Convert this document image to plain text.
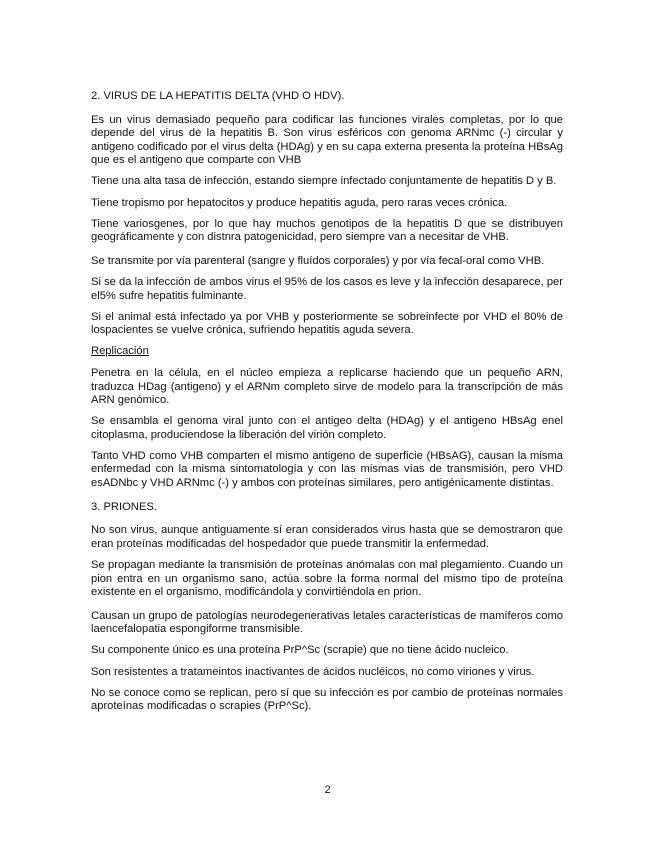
2. VIRUS DE LA HEPATITIS DELTA (VHD O HDV).

Es un virus demasiado pequeño para codificar las funciones virales completas, por lo que depende del virus de la hepatitis B. Son virus esféricos con genoma ARNmc (-) circular y antigeno codificado por el virus delta (HDAg) y en su capa externa presenta la proteína HBsAg que es el antigeno que comparte con VHB

Tiene una alta tasa de infección, estando siempre infectado conjuntamente de hepatitis D y B.

Tiene tropismo por hepatocitos y produce hepatitis aguda, pero raras veces crónica.

Tiene variosgenes, por lo que hay muchos genotipos de la hepatitis D que se distribuyen geográficamente y con distnra patogenicidad, pero siempre van a necesitar de VHB.

Se transmite por vía parenteral (sangre y fluídos corporales) y por vía fecal-oral como VHB.

Si se da la infección de ambos virus el 95% de los casos es leve y la infección desaparece, per el5% sufre hepatitis fulminante.

Si el animal está infectado ya por VHB y posteriormente se sobreinfecte por VHD el 80% de lospacientes se vuelve crónica, sufriendo hepatitis aguda severa.

Replicación

Penetra en la célula, en el núcleo empieza a replicarse haciendo que un pequeño ARN, traduzca HDag (antigeno) y el ARNm completo sirve de modelo para la transcripción de más ARN genómico.

Se ensambla el genoma viral junto con el antigeo delta (HDAg) y el antigeno HBsAg enel citoplasma, produciendose la liberación del virión completo.

Tanto VHD como VHB comparten el mismo antigeno de superficie (HBsAG), causan la misma enfermedad con la misma sintomatología y con las mismas vías de transmisión, pero VHD esADNbc y VHD ARNmc (-) y ambos con proteínas similares, pero antigénicamente distintas.

3. PRIONES.

No son virus, aunque antiguamente sí eran considerados virus hasta que se demostraron que eran proteínas modificadas del hospedador que puede transmitir la enfermedad.

Se propagan mediante la transmisión de proteínas anómalas con mal plegamiento. Cuando un pion entra en un organismo sano, actúa sobre la forma normal del mismo tipo de proteína existente en el organismo, modificándola y convirtiéndola en prion.

Causan un grupo de patologías neurodegenerativas letales características de mamíferos como laencefalopatia espongiforme transmisible.

Su componente único es una proteína PrP^Sc (scrapie) que no tiene ácido nucleico.

Son resistentes a tratameintos inactivantes de ácidos nucléicos, no como viriones y virus.

No se conoce como se replican, pero sí que su infección es por cambio de proteínas normales aproteínas modificadas o scrapies (PrP^Sc).

2
